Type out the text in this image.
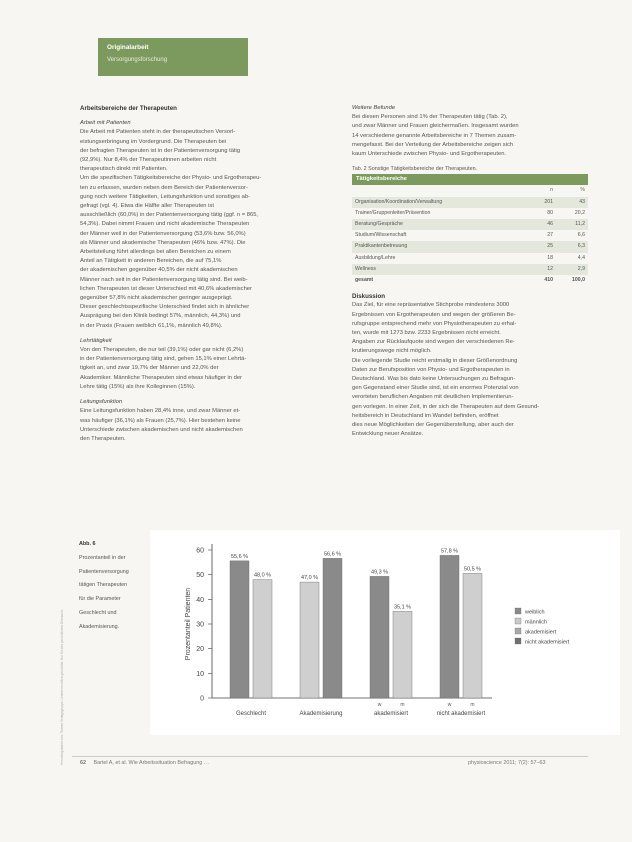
Heruntergeladen von: Thieme Verlagsgruppe. Urheberrechtlich geschützt. Nur für den persönlichen Gebrauch.
Originalarbeit
Versorgungsforschung

Arbeitsbereiche der Therapeuten

Arbeit mit Patienten

Die Arbeit mit Patienten steht in der therapeutischen Versorl-

eistungserbringung im Vordergrund. Die Therapeuten bei

der befragten Therapeuten ist in der Patientenversorgung tätig

(92,9%). Nur 8,4% der Therapeutinnen arbeiten nicht

therapeutisch direkt mit Patienten.

Um die spezifischen Tätigkeitsbereiche der Physio- und Ergotherapeu-

ten zu erfassen, wurden neben dem Bereich der Patientenversor-

gung noch weitere Tätigkeiten, Leitungsfunktion und sonstiges ab-

gefragt (vgl. 4). Etwa die Hälfte aller Therapeuten ist

ausschließlich (60,0%) in der Patientenversorgung tätig (ggf. n = 865,

54,3%). Dabei nimmt Frauen und nicht akademische Therapeuten

der Männer weil in der Patientenversorgung (53,6% bzw. 56,0%)

als Männer und akademische Therapeuten (46% bzw. 47%). Die

Arbeitsteilung führt allerdings bei allen Bereichen zu einem

Anteil an Tätigkeit in anderen Bereichen, die auf 75,1%

der akademischen gegenüber 40,5% der nicht akademischen

Männer nach seit in der Patientenversorgung tätig sind. Bei weib-

lichen Therapeuten ist dieser Unterschied mit 40,6% akademischer

gegenüber 57,8% nicht akademischer geringer ausgeprägt.

Dieser geschlechtsspezifische Unterschied findet sich in ähnlicher

Ausprägung bei den Klinik bedingt 57%, männlich, 44,3%) und

in der Praxis (Frauen weiblich 61,1%, männlich 49,8%).

Lehrtätigkeit

Von den Therapeuten, die nur teil (39,1%) oder gar nicht (6,2%)

in der Patientenversorgung tätig sind, gehen 15,1% einer Lehrtä-

tigkeit an, und zwar 19,7% der Männer und 22,0% der

Akademiker. Männliche Therapeuten sind etwas häufiger in der

Lehre tätig (15%) als ihre Kolleginnen (15%).

Leitungsfunktion

Eine Leitungsfunktion haben 28,4% inne, und zwar Männer et-

was häufiger (36,1%) als Frauen (25,7%). Hier bestehen keine

Unterschiede zwischen akademischen und nicht akademischen

den Therapeuten.

Weitere Befunde

Bei diesen Personen sind 1% der Therapeuten tätig (Tab. 2),

und zwar Männer und Frauen gleichermaßen. Insgesamt wurden

14 verschiedene genannte Arbeitsbereiche in 7 Themen zusam-

mengefasst. Bei der Verteilung der Arbeitsbereiche zeigen sich

kaum Unterschiede zwischen Physio- und Ergotherapeuten.

Tab. 2 Sonstige Tätigkeitsbereiche der Therapeuten.

Tätigkeitsbereiche
	n	%
Organisation/Koordination/Verwaltung	201	43
Trainer/Gruppenleiter/Prävention	80	20,2
Beratung/Gespräche	46	11,2
Studium/Wissenschaft	27	6,6
Praktikantenbetreuung	25	6,3
Ausbildung/Lehre	18	4,4
Wellness	12	2,9
gesamt	410	100,0

Diskussion

Das Ziel, für eine repräsentative Stichprobe mindestens 3000

Ergebnissen von Ergotherapeuten und wegen der größeren Be-

rufsgruppe entsprechend mehr von Physiotherapeuten zu erhal-

ten, wurde mit 1273 bzw. 2233 Ergebnissen nicht erreicht.

Angaben zur Rücklaufquote sind wegen der verschiedenen Re-

krutierungswege nicht möglich.

Die vorliegende Studie reicht erstmalig in dieser Größenordnung

Daten zur Berufsposition von Physio- und Ergotherapeuten in

Deutschland. Was bis dato keine Untersuchungen zu Befragun-

gen Gegenstand einer Studie sind, ist ein enormes Potenzial von

verorteten beruflichen Angaben mit deutlichen Implementierun-

gen vorlegen. In einer Zeit, in der sich die Therapeuten auf dem Gesund-

heitsbereich in Deutschland im Wandel befinden, eröffnet

dies neue Möglichkeiten der Gegenüberstellung, aber auch der

Entwicklung neuer Ansätze.

Abb. 6

Prozentanteil in der

Patientenversorgung

tätigen Therapeuten

für die Parameter

Geschlecht und

Akademisierung.

0
10
20
30
40
50
60
Prozentanteil Patienten
55,6 %
48,0 %
Geschlecht
47,0 %
56,6 %
Akademisierung
49,3 %
w
35,1 %
m
akademisiert
57,8 %
w
50,5 %
m
nicht akademisiert
weiblich
männlich
akademisiert
nicht akademisiert
62 Bartel A, et al. Wie Arbeitssituation Befragung …	physioscience 2011; 7(2): 57–63
